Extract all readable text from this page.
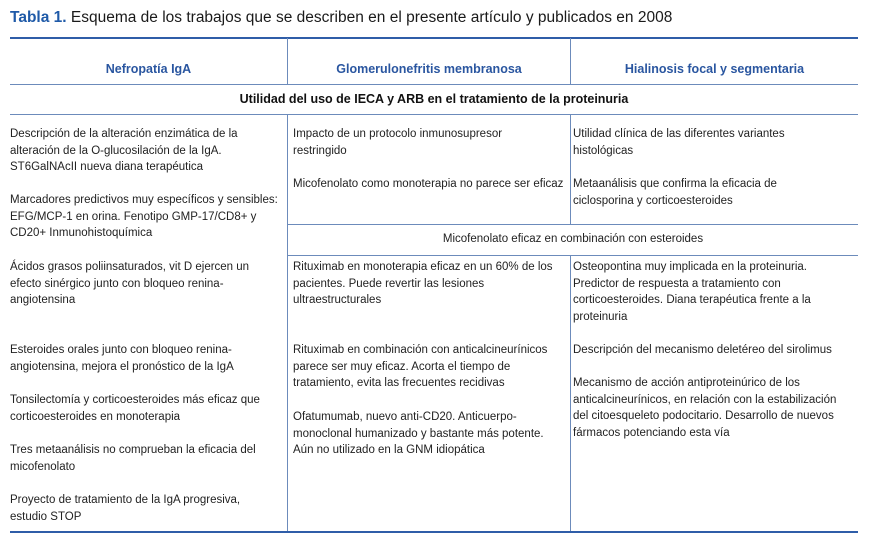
Tabla 1. Esquema de los trabajos que se describen en el presente artículo y publicados en 2008
Nefropatía IgA	Glomerulonefritis membranosa	Hialinosis focal y segmentaria
Utilidad del uso de IECA y ARB en el tratamiento de la proteinuria
Descripción de la alteración enzimática de la alteración de la O-glucosilación de la IgA. ST6GalNAcII nueva diana terapéutica
Marcadores predictivos muy específicos y sensibles: EFG/MCP-1 en orina. Fenotipo GMP-17/CD8+ y CD20+ Inmunohistoquímica
Ácidos grasos poliinsaturados, vit D ejercen un efecto sinérgico junto con bloqueo renina-angiotensina
Esteroides orales junto con bloqueo renina-angiotensina, mejora el pronóstico de la IgA
Tonsilectomía y corticoesteroides más eficaz que corticoesteroides en monoterapia
Tres metaanálisis no comprueban la eficacia del micofenolato
Proyecto de tratamiento de la IgA progresiva, estudio STOP
Impacto de un protocolo inmunosupresor restringido
Micofenolato como monoterapia no parece ser eficaz
Utilidad clínica de las diferentes variantes histológicas
Metaanálisis que confirma la eficacia de ciclosporina y corticoesteroides
Micofenolato eficaz en combinación con esteroides
Rituximab en monoterapia eficaz en un 60% de los pacientes. Puede revertir las lesiones ultraestructurales
Rituximab en combinación con anticalcineurínicos parece ser muy eficaz. Acorta el tiempo de tratamiento, evita las frecuentes recidivas
Ofatumumab, nuevo anti-CD20. Anticuerpo-monoclonal humanizado y bastante más potente. Aún no utilizado en la GNM idiopática
Osteopontina muy implicada en la proteinuria. Predictor de respuesta a tratamiento con corticoesteroides. Diana terapéutica frente a la proteinuria
Descripción del mecanismo deletéreo del sirolimus
Mecanismo de acción antiproteinúrico de los anticalcineurínicos, en relación con la estabilización del citoesqueleto podocitario. Desarrollo de nuevos fármacos potenciando esta vía
